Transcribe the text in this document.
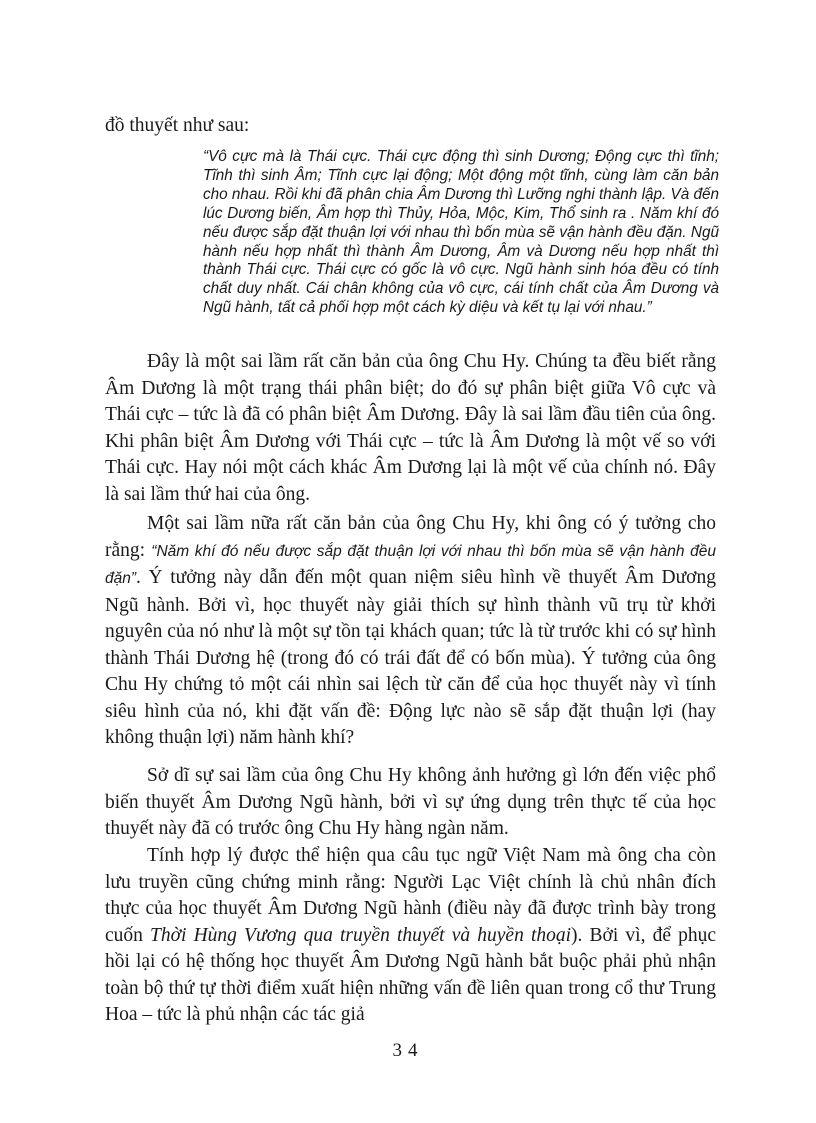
đồ thuyết như sau:

“Vô cực mà là Thái cực. Thái cực động thì sinh Dương; Động cực thì tĩnh; Tĩnh thì sinh Âm; Tĩnh cực lại động; Một động một tĩnh, cùng làm căn bản cho nhau. Rồi khi đã phân chia Âm Dương thì Lưỡng nghi thành lập. Và đến lúc Dương biến, Âm hợp thì Thủy, Hỏa, Mộc, Kim, Thổ sinh ra . Năm khí đó nếu được sắp đặt thuận lợi với nhau thì bốn mùa sẽ vận hành đều đặn. Ngũ hành nếu hợp nhất thì thành Âm Dương, Âm và Dương nếu hợp nhất thì thành Thái cực. Thái cực có gốc là vô cực. Ngũ hành sinh hóa đều có tính chất duy nhất. Cái chân không của vô cực, cái tính chất của Âm Dương và Ngũ hành, tất cả phối hợp một cách kỳ diệu và kết tụ lại với nhau.”

Đây là một sai lầm rất căn bản của ông Chu Hy. Chúng ta đều biết rằng Âm Dương là một trạng thái phân biệt; do đó sự phân biệt giữa Vô cực và Thái cực – tức là đã có phân biệt Âm Dương. Đây là sai lầm đầu tiên của ông. Khi phân biệt Âm Dương với Thái cực – tức là Âm Dương là một vế so với Thái cực. Hay nói một cách khác Âm Dương lại là một vế của chính nó. Đây là sai lầm thứ hai của ông.

Một sai lầm nữa rất căn bản của ông Chu Hy, khi ông có ý tưởng cho rằng: “Năm khí đó nếu được sắp đặt thuận lợi với nhau thì bốn mùa sẽ vận hành đều đặn”. Ý tưởng này dẫn đến một quan niệm siêu hình về thuyết Âm Dương Ngũ hành. Bởi vì, học thuyết này giải thích sự hình thành vũ trụ từ khởi nguyên của nó như là một sự tồn tại khách quan; tức là từ trước khi có sự hình thành Thái Dương hệ (trong đó có trái đất để có bốn mùa). Ý tưởng của ông Chu Hy chứng tỏ một cái nhìn sai lệch từ căn để của học thuyết này vì tính siêu hình của nó, khi đặt vấn đề: Động lực nào sẽ sắp đặt thuận lợi (hay không thuận lợi) năm hành khí?

Sở dĩ sự sai lầm của ông Chu Hy không ảnh hưởng gì lớn đến việc phổ biến thuyết Âm Dương Ngũ hành, bởi vì sự ứng dụng trên thực tế của học thuyết này đã có trước ông Chu Hy hàng ngàn năm.

Tính hợp lý được thể hiện qua câu tục ngữ Việt Nam mà ông cha còn lưu truyền cũng chứng minh rằng: Người Lạc Việt chính là chủ nhân đích thực của học thuyết Âm Dương Ngũ hành (điều này đã được trình bày trong cuốn Thời Hùng Vương qua truyền thuyết và huyền thoại). Bởi vì, để phục hồi lại có hệ thống học thuyết Âm Dương Ngũ hành bắt buộc phải phủ nhận toàn bộ thứ tự thời điểm xuất hiện những vấn đề liên quan trong cổ thư Trung Hoa – tức là phủ nhận các tác giả

34
